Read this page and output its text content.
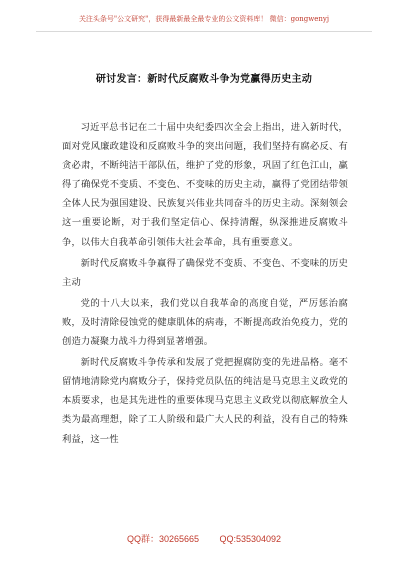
关注头条号"公文研究"，获得最新最全最专业的公文资料库！ 微信：gongwenyj
研讨发言：新时代反腐败斗争为党赢得历史主动

习近平总书记在二十届中央纪委四次全会上指出，进入新时代，面对党风廉政建设和反腐败斗争的突出问题，我们坚持有腐必反、有贪必肃，不断纯洁干部队伍，维护了党的形象，巩固了红色江山，赢得了确保党不变质、不变色、不变味的历史主动，赢得了党团结带领全体人民为强国建设、民族复兴伟业共同奋斗的历史主动。深刻领会这一重要论断，对于我们坚定信心、保持清醒，纵深推进反腐败斗争，以伟大自我革命引领伟大社会革命，具有重要意义。

新时代反腐败斗争赢得了确保党不变质、不变色、不变味的历史主动

党的十八大以来，我们党以自我革命的高度自觉，严厉惩治腐败，及时清除侵蚀党的健康肌体的病毒，不断提高政治免疫力，党的创造力凝聚力战斗力得到显著增强。

新时代反腐败斗争传承和发展了党把握腐防变的先进品格。毫不留情地清除党内腐败分子，保持党员队伍的纯洁是马克思主义政党的本质要求，也是其先进性的重要体现马克思主义政党以彻底解放全人类为最高理想，除了工人阶级和最广大人民的利益，没有自己的特殊利益，这一性

QQ群：30265665 QQ:535304092
